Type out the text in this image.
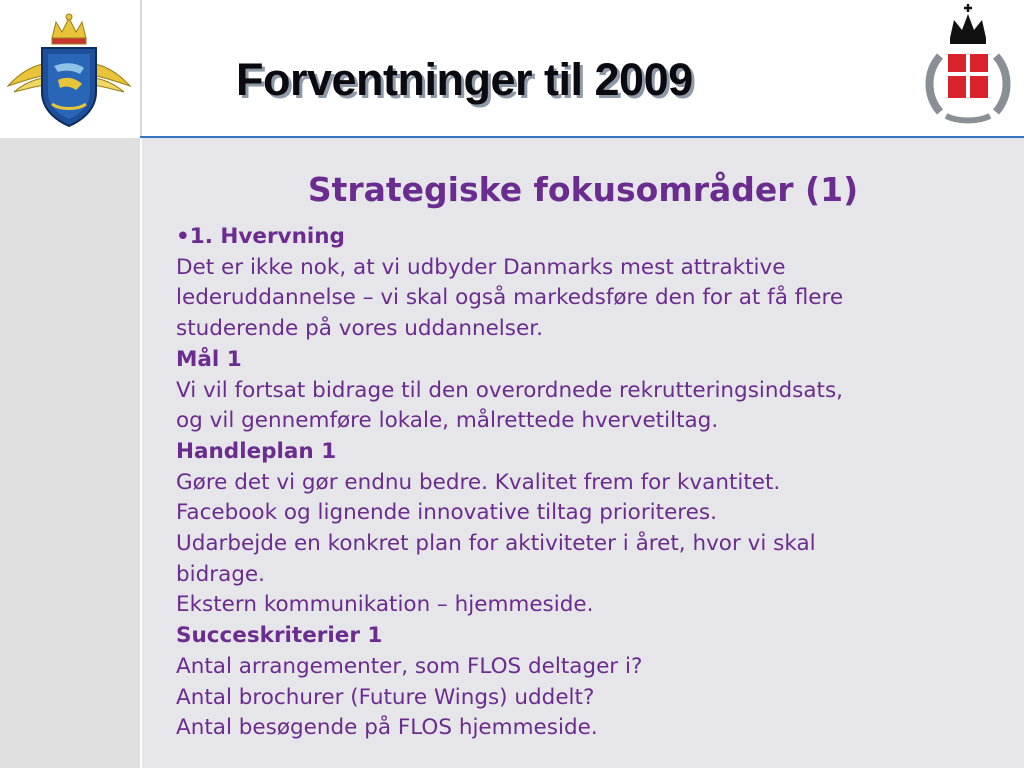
Forventninger til 2009
Strategiske fokusområder (1)
•1. Hvervning
Det er ikke nok, at vi udbyder Danmarks mest attraktive
lederuddannelse – vi skal også markedsføre den for at få flere
studerende på vores uddannelser.
Mål 1
Vi vil fortsat bidrage til den overordnede rekrutteringsindsats,
og vil gennemføre lokale, målrettede hvervetiltag.
Handleplan 1
Gøre det vi gør endnu bedre. Kvalitet frem for kvantitet.
Facebook og lignende innovative tiltag prioriteres.
Udarbejde en konkret plan for aktiviteter i året, hvor vi skal
bidrage.
Ekstern kommunikation – hjemmeside.
Succeskriterier 1
Antal arrangementer, som FLOS deltager i?
Antal brochurer (Future Wings) uddelt?
Antal besøgende på FLOS hjemmeside.
